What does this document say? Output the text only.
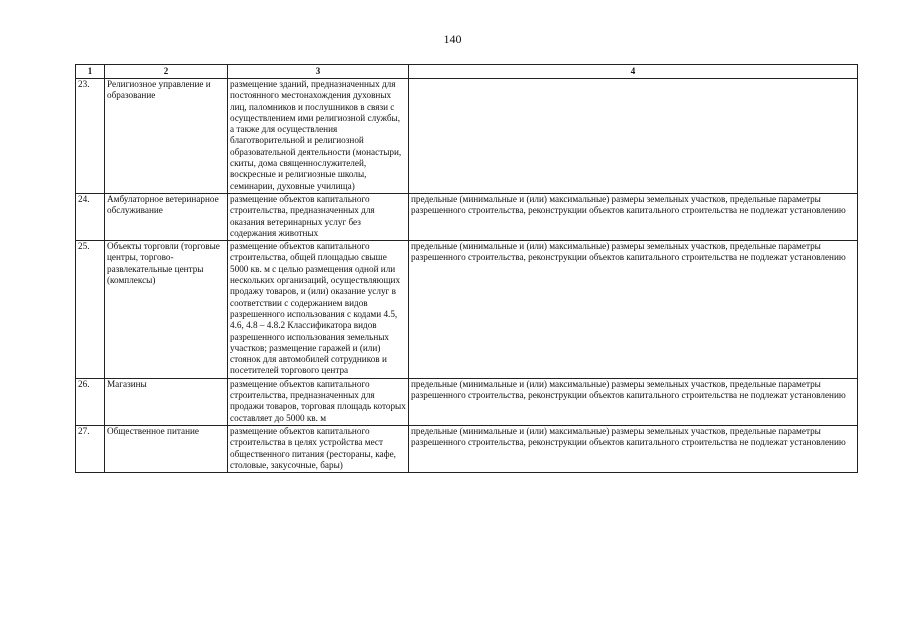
140
1	2	3	4
23.	Религиозное управление и образование	размещение зданий, предназначенных для постоянного местонахождения духовных лиц, паломников и послушников в связи с осуществлением ими религиозной службы, а также для осуществления благотворительной и религиозной образовательной деятельности (монастыри, скиты, дома священнослужителей, воскресные и религиозные школы, семинарии, духовные училища)	
24.	Амбулаторное ветеринарное обслуживание	размещение объектов капитального строительства, предназначенных для оказания ветеринарных услуг без содержания животных	предельные (минимальные и (или) максимальные) размеры земельных участков, предельные параметры разрешенного строительства, реконструкции объектов капитального строительства не подлежат установлению
25.	Объекты торговли (торговые центры, торгово-развлекательные центры (комплексы)	размещение объектов капитального строительства, общей площадью свыше 5000 кв. м с целью размещения одной или нескольких организаций, осуществляющих продажу товаров, и (или) оказание услуг в соответствии с содержанием видов разрешенного использования с кодами 4.5, 4.6, 4.8 – 4.8.2 Классификатора видов разрешенного использования земельных участков; размещение гаражей и (или) стоянок для автомобилей сотрудников и посетителей торгового центра	предельные (минимальные и (или) максимальные) размеры земельных участков, предельные параметры разрешенного строительства, реконструкции объектов капитального строительства не подлежат установлению
26.	Магазины	размещение объектов капитального строительства, предназначенных для продажи товаров, торговая площадь которых составляет до 5000 кв. м	предельные (минимальные и (или) максимальные) размеры земельных участков, предельные параметры разрешенного строительства, реконструкции объектов капитального строительства не подлежат установлению
27.	Общественное питание	размещение объектов капитального строительства в целях устройства мест общественного питания (рестораны, кафе, столовые, закусочные, бары)	предельные (минимальные и (или) максимальные) размеры земельных участков, предельные параметры разрешенного строительства, реконструкции объектов капитального строительства не подлежат установлению
